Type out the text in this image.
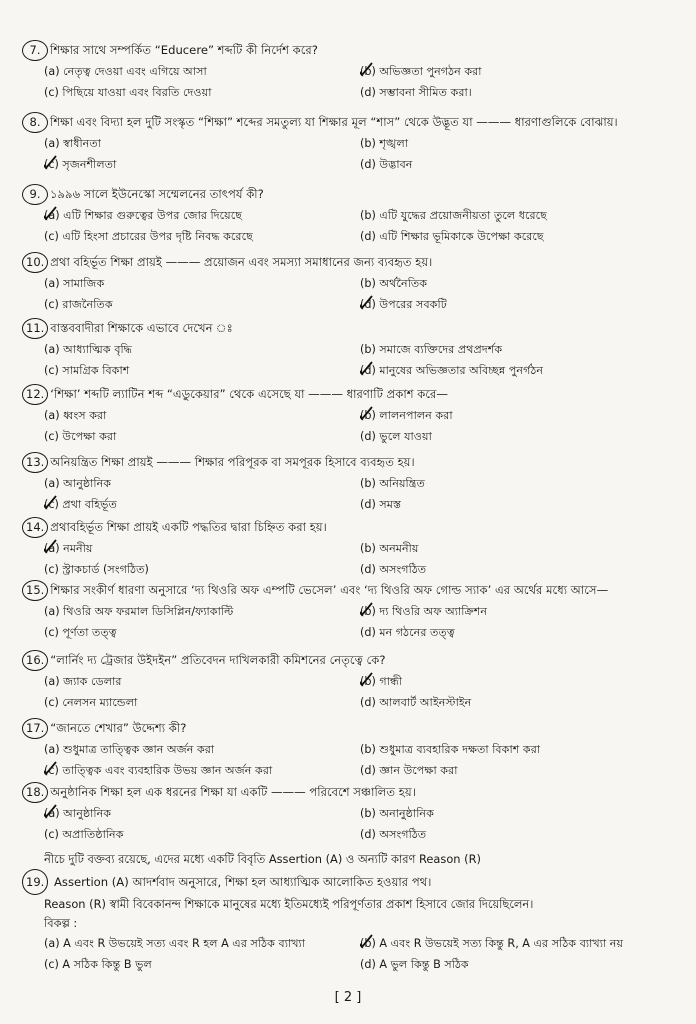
7. শিক্ষার সাথে সম্পর্কিত “Educere” শব্দটি কী নির্দেশ করে?
(a) নেতৃত্ব দেওয়া এবং এগিয়ে আসা	(b) অভিজ্ঞতা পুনগঠন করা
(c) পিছিয়ে যাওয়া এবং বিরতি দেওয়া	(d) সম্ভাবনা সীমিত করা।
8. শিক্ষা এবং বিদ্যা হল দুটি সংস্কৃত “শিক্ষা” শব্দের সমতুল্য যা শিক্ষার মূল “শাস” থেকে উদ্ভূত যা ——— ধারণাগুলিকে বোঝায়।
(a) স্বাধীনতা	(b) শৃঙ্খলা
(c) সৃজনশীলতা	(d) উদ্ভাবন
9. ১৯৯৬ সালে ইউনেস্কো সম্মেলনের তাৎপর্য কী?
(a) এটি শিক্ষার গুরুত্বের উপর জোর দিয়েছে	(b) এটি যুদ্ধের প্রয়োজনীয়তা তুলে ধরেছে
(c) এটি হিংসা প্রচারের উপর দৃষ্টি নিবদ্ধ করেছে	(d) এটি শিক্ষার ভূমিকাকে উপেক্ষা করেছে
10. প্রথা বহির্ভূত শিক্ষা প্রায়ই ——— প্রয়োজন এবং সমস্যা সমাধানের জন্য ব্যবহৃত হয়।
(a) সামাজিক	(b) অর্থনৈতিক
(c) রাজনৈতিক	(d) উপরের সবকটি
11. বাস্তববাদীরা শিক্ষাকে এভাবে দেখেন ঃ
(a) আধ্যাত্মিক বৃদ্ধি	(b) সমাজে ব্যক্তিদের প্রথপ্রদর্শক
(c) সামগ্রিক বিকাশ	(d) মানুষের অভিজ্ঞতার অবিচ্ছন্ন পুনর্গঠন
12. ‘শিক্ষা’ শব্দটি ল্যাটিন শব্দ “এডুকেয়ার” থেকে এসেছে যা ——— ধারণাটি প্রকাশ করে—
(a) ধ্বংস করা	(b) লালনপালন করা
(c) উপেক্ষা করা	(d) ভুলে যাওয়া
13. অনিয়ন্ত্রিত শিক্ষা প্রায়ই ——— শিক্ষার পরিপূরক বা সমপূরক হিসাবে ব্যবহৃত হয়।
(a) আনুষ্ঠানিক	(b) অনিয়ন্ত্রিত
(c) প্রথা বহির্ভূত	(d) সমস্ত
14. প্রথাবহির্ভূত শিক্ষা প্রায়ই একটি পদ্ধতির দ্বারা চিহ্নিত করা হয়।
(a) নমনীয়	(b) অনমনীয়
(c) স্ট্রাকচার্ড (সংগঠিত)	(d) অসংগঠিত
15. শিক্ষার সংকীর্ণ ধারণা অনুসারে ‘দ্য থিওরি অফ এম্পটি ভেসেল’ এবং ‘দ্য থিওরি অফ গোল্ড স্যাক’ এর অর্থের মধ্যে আসে—
(a) থিওরি অফ ফরমাল ডিসিপ্লিন/ফ্যাকাল্টি	(b) দ্য থিওরি অফ অ্যাক্রিশন
(c) পূর্ণতা তত্ত্ব	(d) মন গঠনের তত্ত্ব
16. “লার্নিং দ্য ট্রেজার উইদইন” প্রতিবেদন দাখিলকারী কমিশনের নেতৃত্বে কে?
(a) জ্যাক ডেলার	(b) গান্ধী
(c) নেলসন ম্যান্ডেলা	(d) আলবার্ট আইনস্টাইন
17. “জানতে শেখার” উদ্দেশ্য কী?
(a) শুধুমাত্র তাত্ত্বিক জ্ঞান অর্জন করা	(b) শুধুমাত্র ব্যবহারিক দক্ষতা বিকাশ করা
(c) তাত্ত্বিক এবং ব্যবহারিক উভয় জ্ঞান অর্জন করা	(d) জ্ঞান উপেক্ষা করা
18. অনুষ্ঠানিক শিক্ষা হল এক ধরনের শিক্ষা যা একটি ——— পরিবেশে সঞ্চালিত হয়।
(a) আনুষ্ঠানিক	(b) অনানুষ্ঠানিক
(c) অপ্রাতিষ্ঠানিক	(d) অসংগঠিত
নীচে দুটি বক্তব্য রয়েছে, এদের মধ্যে একটি বিবৃতি Assertion (A) ও অন্যটি কারণ Reason (R)
19. Assertion (A) আদর্শবাদ অনুসারে, শিক্ষা হল আধ্যাত্মিক আলোকিত হওয়ার পথ।
Reason (R) স্বামী বিবেকানন্দ শিক্ষাকে মানুষের মধ্যে ইতিমধ্যেই পরিপূর্ণতার প্রকাশ হিসাবে জোর দিয়েছিলেন।
বিকল্প :
(a) A এবং R উভয়েই সত্য এবং R হল A এর সঠিক ব্যাখ্যা	(b) A এবং R উভয়েই সত্য কিন্তু R, A এর সঠিক ব্যাখ্যা নয়
(c) A সঠিক কিন্তু B ভুল	(d) A ভুল কিন্তু B সঠিক
[ 2 ]
